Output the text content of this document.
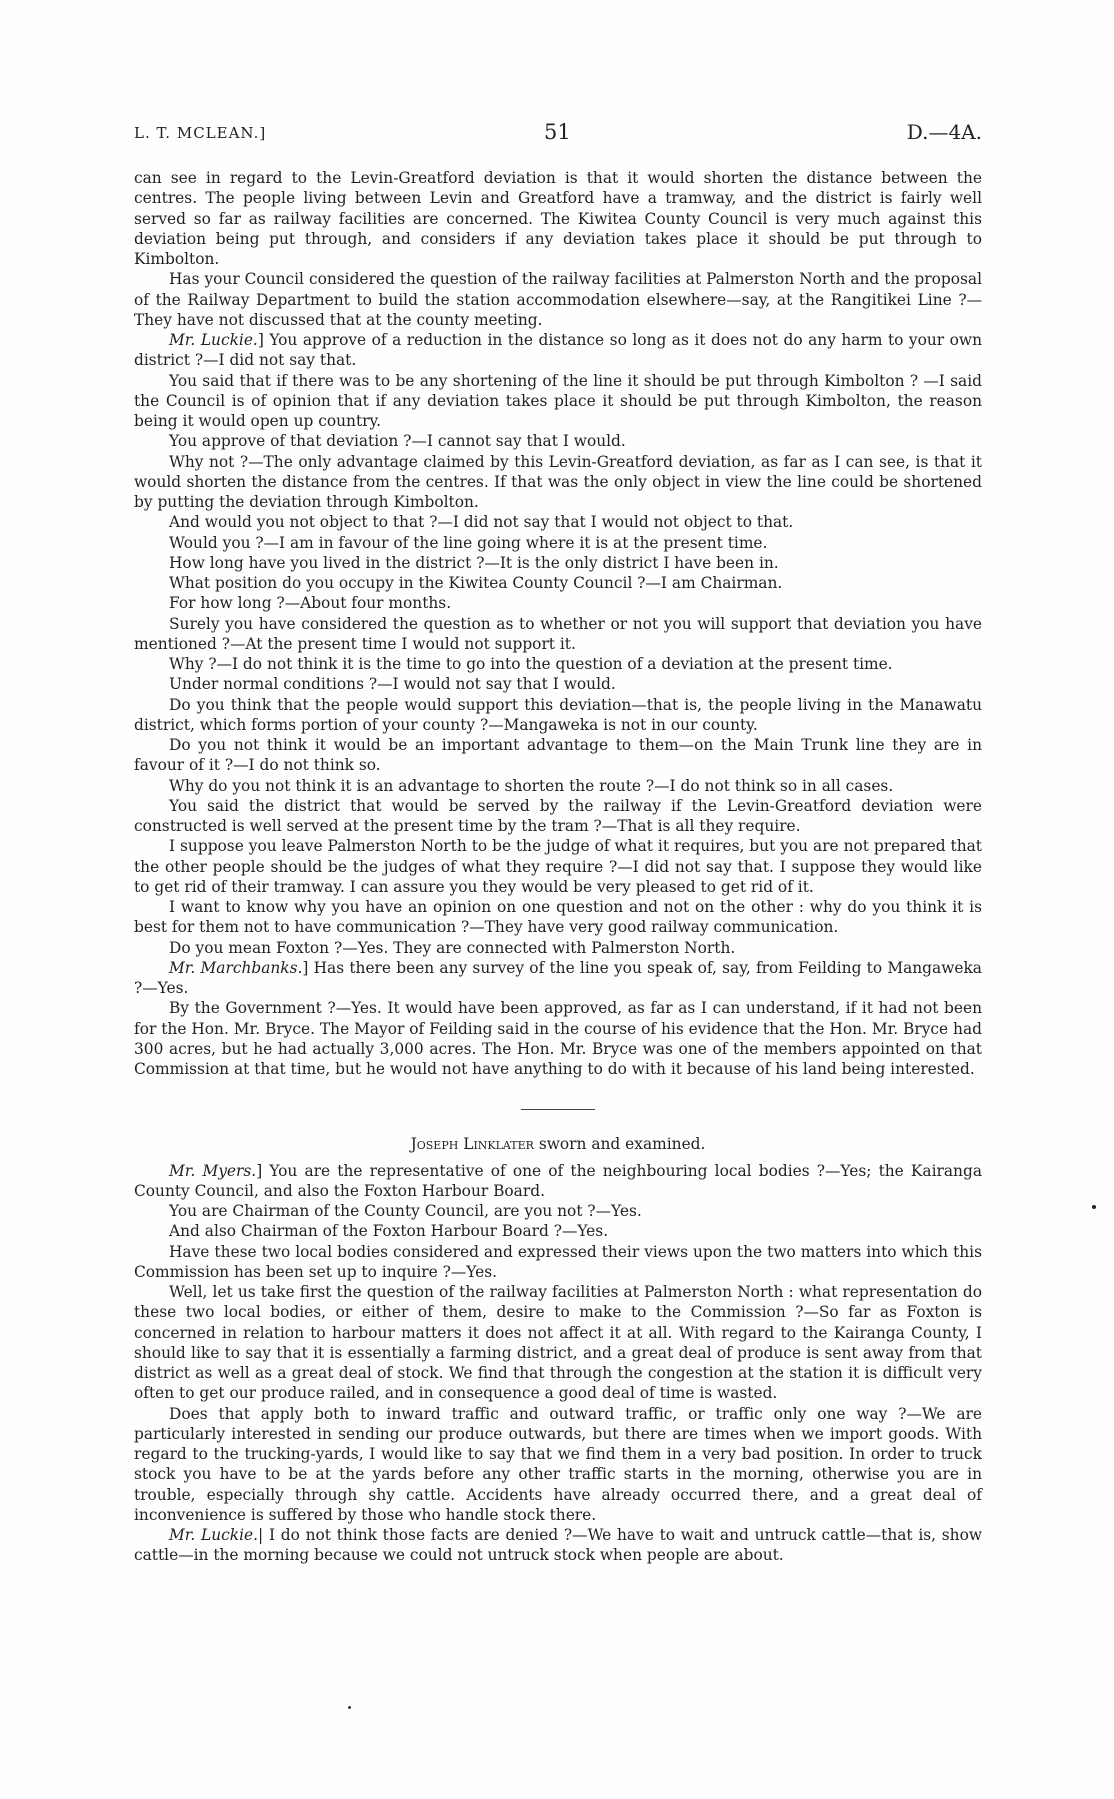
L. T. MCLEAN.]	51	D.—4A.

can see in regard to the Levin-Greatford deviation is that it would shorten the distance between the centres. The people living between Levin and Greatford have a tramway, and the district is fairly well served so far as railway facilities are concerned. The Kiwitea County Council is very much against this deviation being put through, and considers if any deviation takes place it should be put through to Kimbolton.

Has your Council considered the question of the railway facilities at Palmerston North and the proposal of the Railway Department to build the station accommodation elsewhere—say, at the Rangitikei Line ?—They have not discussed that at the county meeting.

Mr. Luckie.] You approve of a reduction in the distance so long as it does not do any harm to your own district ?—I did not say that.

You said that if there was to be any shortening of the line it should be put through Kimbolton ? —I said the Council is of opinion that if any deviation takes place it should be put through Kimbolton, the reason being it would open up country.

You approve of that deviation ?—I cannot say that I would.

Why not ?—The only advantage claimed by this Levin-Greatford deviation, as far as I can see, is that it would shorten the distance from the centres. If that was the only object in view the line could be shortened by putting the deviation through Kimbolton.

And would you not object to that ?—I did not say that I would not object to that.

Would you ?—I am in favour of the line going where it is at the present time.

How long have you lived in the district ?—It is the only district I have been in.

What position do you occupy in the Kiwitea County Council ?—I am Chairman.

For how long ?—About four months.

Surely you have considered the question as to whether or not you will support that deviation you have mentioned ?—At the present time I would not support it.

Why ?—I do not think it is the time to go into the question of a deviation at the present time.

Under normal conditions ?—I would not say that I would.

Do you think that the people would support this deviation—that is, the people living in the Manawatu district, which forms portion of your county ?—Mangaweka is not in our county.

Do you not think it would be an important advantage to them—on the Main Trunk line they are in favour of it ?—I do not think so.

Why do you not think it is an advantage to shorten the route ?—I do not think so in all cases.

You said the district that would be served by the railway if the Levin-Greatford deviation were constructed is well served at the present time by the tram ?—That is all they require.

I suppose you leave Palmerston North to be the judge of what it requires, but you are not prepared that the other people should be the judges of what they require ?—I did not say that. I suppose they would like to get rid of their tramway. I can assure you they would be very pleased to get rid of it.

I want to know why you have an opinion on one question and not on the other : why do you think it is best for them not to have communication ?—They have very good railway communication.

Do you mean Foxton ?—Yes. They are connected with Palmerston North.

Mr. Marchbanks.] Has there been any survey of the line you speak of, say, from Feilding to Mangaweka ?—Yes.

By the Government ?—Yes. It would have been approved, as far as I can understand, if it had not been for the Hon. Mr. Bryce. The Mayor of Feilding said in the course of his evidence that the Hon. Mr. Bryce had 300 acres, but he had actually 3,000 acres. The Hon. Mr. Bryce was one of the members appointed on that Commission at that time, but he would not have anything to do with it because of his land being interested.

Joseph Linklater sworn and examined.

Mr. Myers.] You are the representative of one of the neighbouring local bodies ?—Yes; the Kairanga County Council, and also the Foxton Harbour Board.

You are Chairman of the County Council, are you not ?—Yes.

And also Chairman of the Foxton Harbour Board ?—Yes.

Have these two local bodies considered and expressed their views upon the two matters into which this Commission has been set up to inquire ?—Yes.

Well, let us take first the question of the railway facilities at Palmerston North : what representation do these two local bodies, or either of them, desire to make to the Commission ?—So far as Foxton is concerned in relation to harbour matters it does not affect it at all. With regard to the Kairanga County, I should like to say that it is essentially a farming district, and a great deal of produce is sent away from that district as well as a great deal of stock. We find that through the congestion at the station it is difficult very often to get our produce railed, and in consequence a good deal of time is wasted.

Does that apply both to inward traffic and outward traffic, or traffic only one way ?—We are particularly interested in sending our produce outwards, but there are times when we import goods. With regard to the trucking-yards, I would like to say that we find them in a very bad position. In order to truck stock you have to be at the yards before any other traffic starts in the morning, otherwise you are in trouble, especially through shy cattle. Accidents have already occurred there, and a great deal of inconvenience is suffered by those who handle stock there.

Mr. Luckie.| I do not think those facts are denied ?—We have to wait and untruck cattle—that is, show cattle—in the morning because we could not untruck stock when people are about.
